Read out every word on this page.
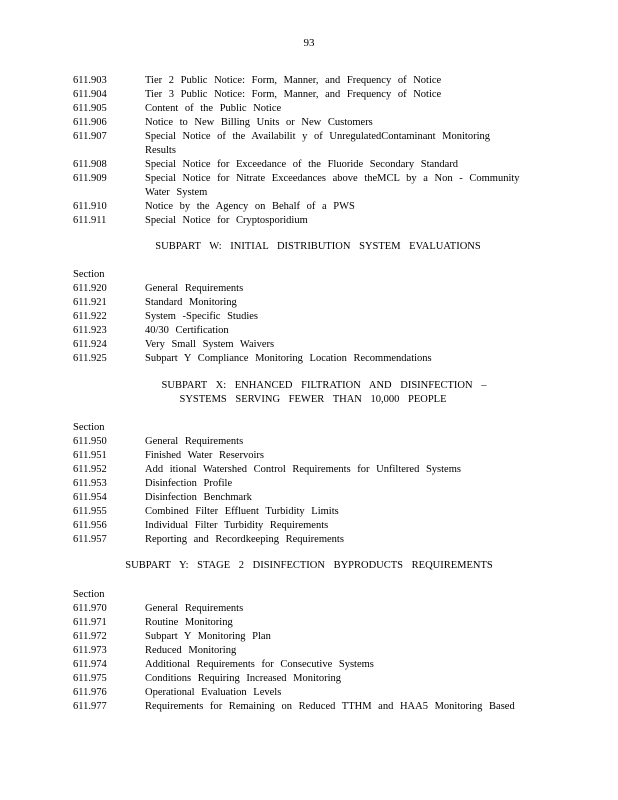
93
611.903	Tier 2 Public Notice: Form, Manner, and Frequency of Notice
611.904	Tier 3 Public Notice: Form, Manner, and Frequency of Notice
611.905	Content of the Public Notice
611.906	Notice to New Billing Units or New Customers
611.907	Special Notice of the Availabilit y of UnregulatedContaminant Monitoring
Results
611.908	Special Notice for Exceedance of the Fluoride Secondary Standard
611.909	Special Notice for Nitrate Exceedances above theMCL by a Non - Community
Water System
611.910	Notice by the Agency on Behalf of a PWS
611.911	Special Notice for Cryptosporidium
SUBPART W: INITIAL DISTRIBUTION SYSTEM EVALUATIONS
Section
611.920	General Requirements
611.921	Standard Monitoring
611.922	System -Specific Studies
611.923	40/30 Certification
611.924	Very Small System Waivers
611.925	Subpart Y Compliance Monitoring Location Recommendations
SUBPART X: ENHANCED FILTRATION AND DISINFECTION –
SYSTEMS SERVING FEWER THAN 10,000 PEOPLE
Section
611.950	General Requirements
611.951	Finished Water Reservoirs
611.952	Add itional Watershed Control Requirements for Unfiltered Systems
611.953	Disinfection Profile
611.954	Disinfection Benchmark
611.955	Combined Filter Effluent Turbidity Limits
611.956	Individual Filter Turbidity Requirements
611.957	Reporting and Recordkeeping Requirements
SUBPART Y: STAGE 2 DISINFECTION BYPRODUCTS REQUIREMENTS
Section
611.970	General Requirements
611.971	Routine Monitoring
611.972	Subpart Y Monitoring Plan
611.973	Reduced Monitoring
611.974	Additional Requirements for Consecutive Systems
611.975	Conditions Requiring Increased Monitoring
611.976	Operational Evaluation Levels
611.977	Requirements for Remaining on Reduced TTHM and HAA5 Monitoring Based
